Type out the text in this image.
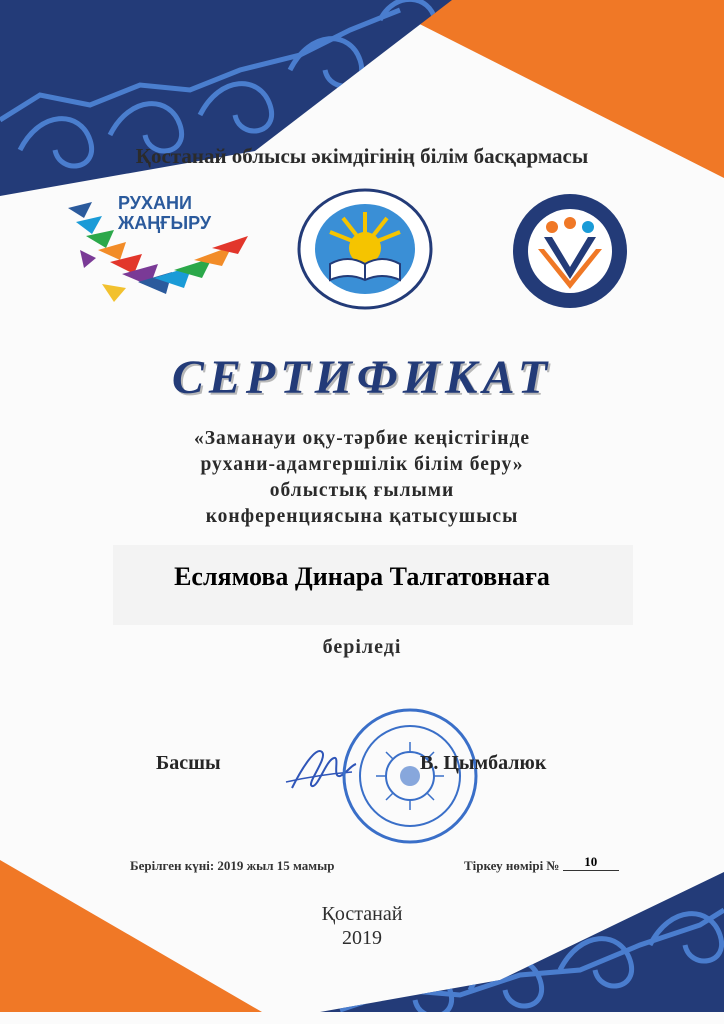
Қостанай облысы әкімдігінің білім басқармасы
РУХАНИ
ЖАҢҒЫРУ
СЕРТИФИКАТ
«Заманауи оқу-тәрбие кеңістігінде
рухани-адамгершілік білім беру»
облыстық ғылыми
конференциясына қатысушысы
Еслямова Динара Талгатовнаға
беріледі
Басшы	В. Цымбалюк
Берілген күні: 2019 жыл 15 мамыр	Тіркеу нөмірі № 10
Қостанай
2019
